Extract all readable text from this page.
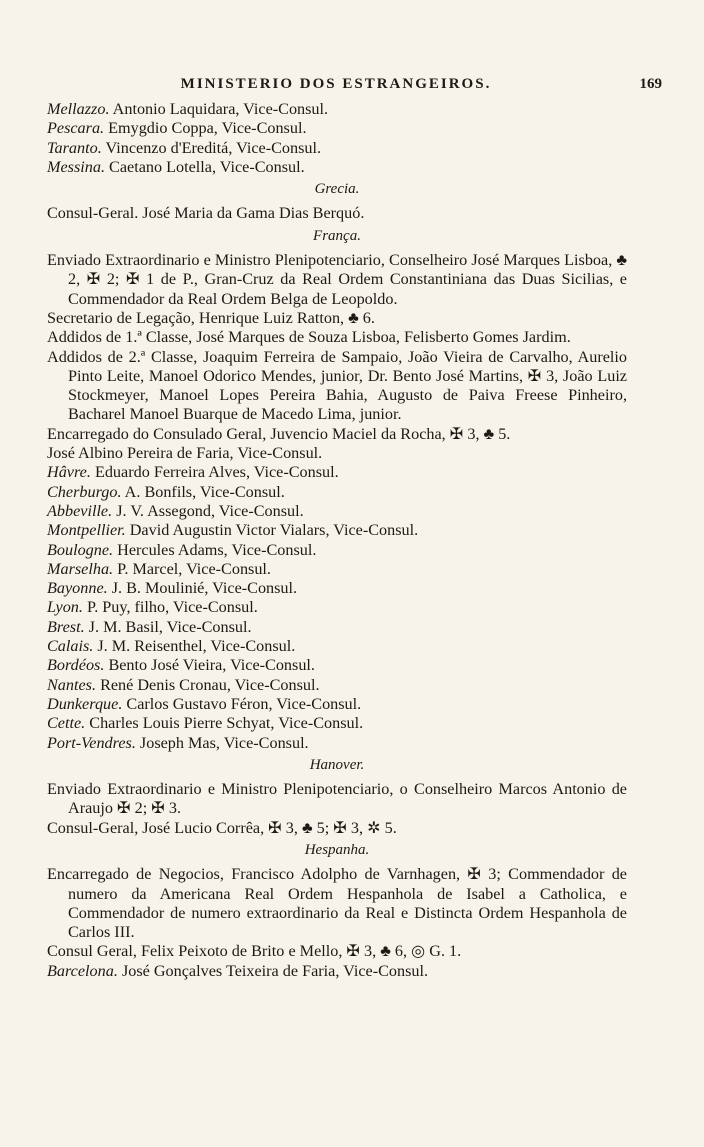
MINISTERIO DOS ESTRANGEIROS.	169
Mellazzo. Antonio Laquidara, Vice-Consul.
Pescara. Emygdio Coppa, Vice-Consul.
Taranto. Vincenzo d'Ereditá, Vice-Consul.
Messina. Caetano Lotella, Vice-Consul.
Grecia.
Consul-Geral. José Maria da Gama Dias Berquó.
França.
Enviado Extraordinario e Ministro Plenipotenciario, Conselheiro José Marques Lisboa, ♣ 2, ✠ 2; ✠ 1 de P., Gran-Cruz da Real Ordem Constantiniana das Duas Sicilias, e Commendador da Real Ordem Belga de Leopoldo.
Secretario de Legação, Henrique Luiz Ratton, ♣ 6.
Addidos de 1.ª Classe, José Marques de Souza Lisboa, Felisberto Gomes Jardim.
Addidos de 2.ª Classe, Joaquim Ferreira de Sampaio, João Vieira de Carvalho, Aurelio Pinto Leite, Manoel Odorico Mendes, junior, Dr. Bento José Martins, ✠ 3, João Luiz Stockmeyer, Manoel Lopes Pereira Bahia, Augusto de Paiva Freese Pinheiro, Bacharel Manoel Buarque de Macedo Lima, junior.
Encarregado do Consulado Geral, Juvencio Maciel da Rocha, ✠ 3, ♣ 5.
José Albino Pereira de Faria, Vice-Consul.
Hâvre. Eduardo Ferreira Alves, Vice-Consul.
Cherburgo. A. Bonfils, Vice-Consul.
Abbeville. J. V. Assegond, Vice-Consul.
Montpellier. David Augustin Victor Vialars, Vice-Consul.
Boulogne. Hercules Adams, Vice-Consul.
Marselha. P. Marcel, Vice-Consul.
Bayonne. J. B. Moulinié, Vice-Consul.
Lyon. P. Puy, filho, Vice-Consul.
Brest. J. M. Basil, Vice-Consul.
Calais. J. M. Reisenthel, Vice-Consul.
Bordéos. Bento José Vieira, Vice-Consul.
Nantes. René Denis Cronau, Vice-Consul.
Dunkerque. Carlos Gustavo Féron, Vice-Consul.
Cette. Charles Louis Pierre Schyat, Vice-Consul.
Port-Vendres. Joseph Mas, Vice-Consul.
Hanover.
Enviado Extraordinario e Ministro Plenipotenciario, o Conselheiro Marcos Antonio de Araujo ✠ 2; ✠ 3.
Consul-Geral, José Lucio Corrêa, ✠ 3, ♣ 5; ✠ 3, ✲ 5.
Hespanha.
Encarregado de Negocios, Francisco Adolpho de Varnhagen, ✠ 3; Commendador de numero da Americana Real Ordem Hespanhola de Isabel a Catholica, e Commendador de numero extraordinario da Real e Distincta Ordem Hespanhola de Carlos III.
Consul Geral, Felix Peixoto de Brito e Mello, ✠ 3, ♣ 6, ◎ G. 1.
Barcelona. José Gonçalves Teixeira de Faria, Vice-Consul.
